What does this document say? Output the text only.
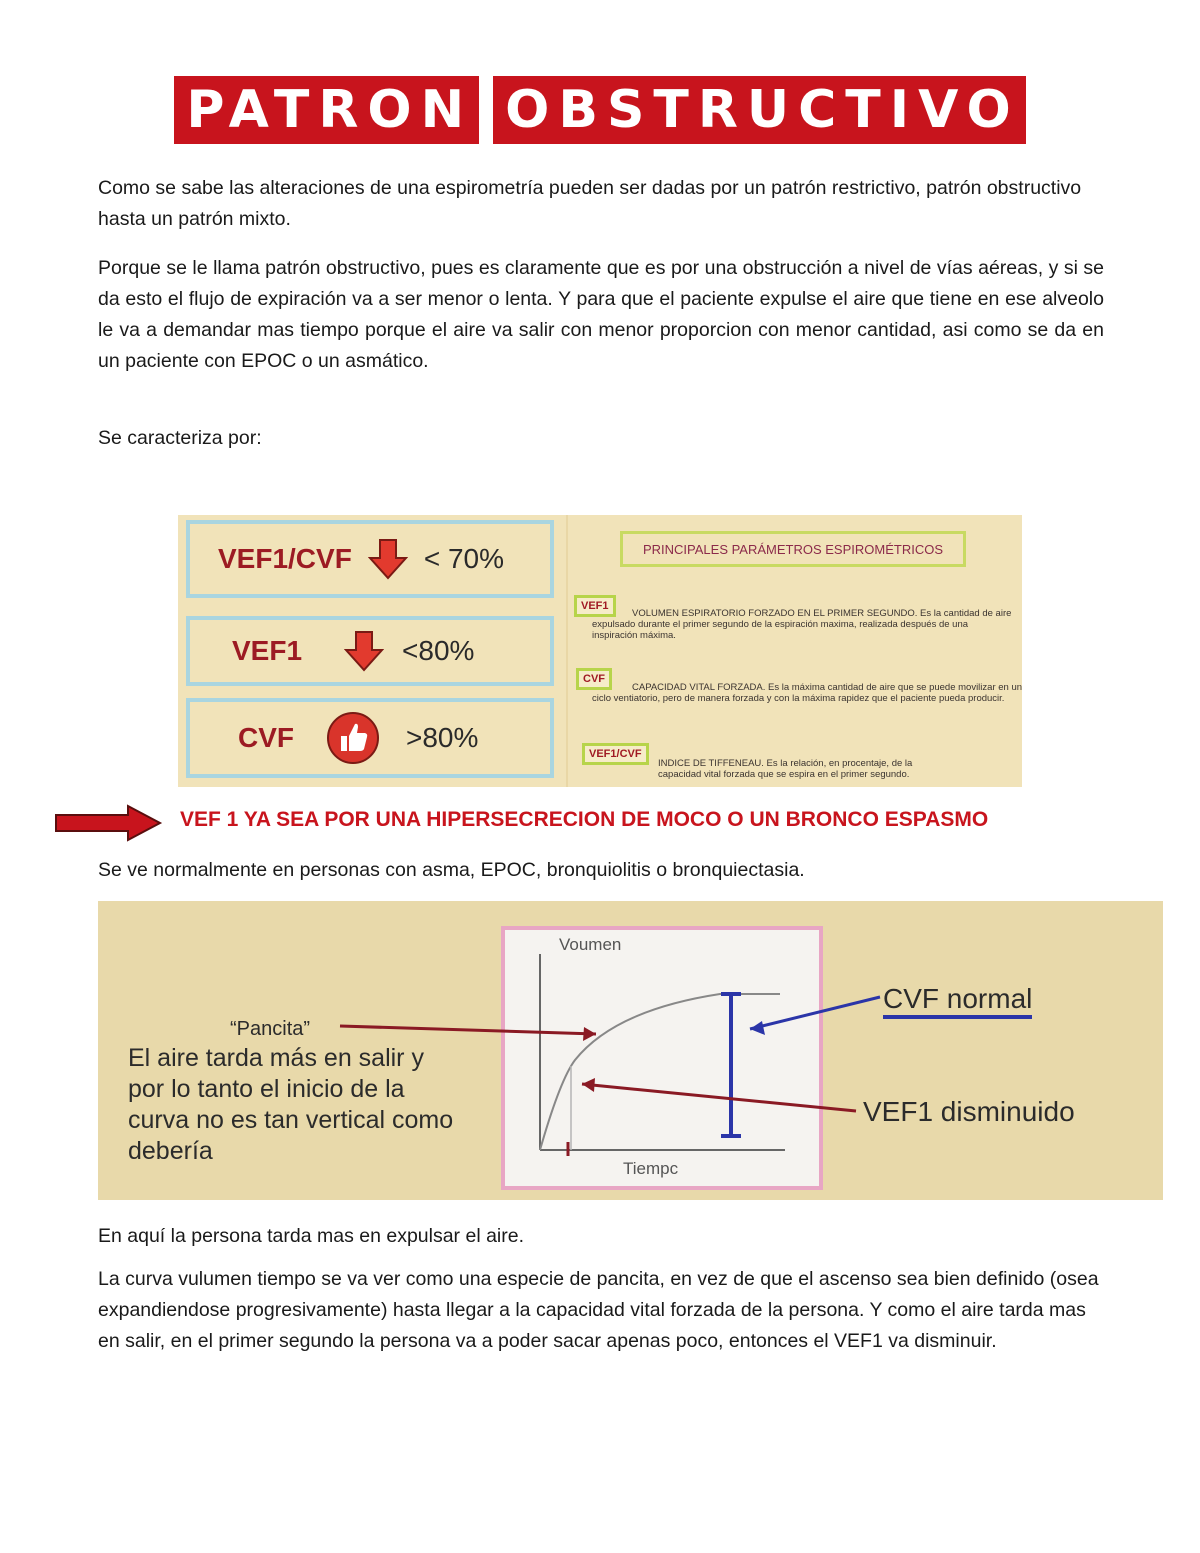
PATRON OBSTRUCTIVO

Como se sabe las alteraciones de una espirometría pueden ser dadas por un patrón restrictivo, patrón obstructivo hasta un patrón mixto.

Porque se le llama patrón obstructivo, pues es claramente que es por una obstrucción a nivel de vías aéreas, y si se da esto el flujo de expiración va a ser menor o lenta. Y para que el paciente expulse el aire que tiene en ese alveolo le va a demandar mas tiempo porque el aire va salir con menor proporcion con menor cantidad, asi como se da en un paciente con EPOC o un asmático.

Se caracteriza por:

VEF1/CVF	< 70%
VEF1	<80%
CVF	>80%
PRINCIPALES PARÁMETROS ESPIROMÉTRICOS
VEF1
VOLUMEN ESPIRATORIO FORZADO EN EL PRIMER SEGUNDO. Es la cantidad de aire expulsado durante el primer segundo de la espiración maxima, realizada después de una inspiración máxima.
CVF
CAPACIDAD VITAL FORZADA. Es la máxima cantidad de aire que se puede movilizar en un ciclo ventiatorio, pero de manera forzada y con la máxima rapidez que el paciente pueda producir.
VEF1/CVF
INDICE DE TIFFENEAU. Es la relación, en procentaje, de la capacidad vital forzada que se espira en el primer segundo.
VEF 1 YA SEA POR UNA HIPERSECRECION DE MOCO O UN BRONCO ESPASMO

Se ve normalmente en personas con asma, EPOC, bronquiolitis o bronquiectasia.

Voumen
Tiempc
“Pancita”
El aire tarda más en salir y
por lo tanto el inicio de la
curva no es tan vertical como
debería
CVF normal
VEF1 disminuido

En aquí la persona tarda mas en expulsar el aire.

La curva vulumen tiempo se va ver como una especie de pancita, en vez de que el ascenso sea bien definido (osea expandiendose progresivamente) hasta llegar a la capacidad vital forzada de la persona. Y como el aire tarda mas en salir, en el primer segundo la persona va a poder sacar apenas poco, entonces el VEF1 va disminuir.
